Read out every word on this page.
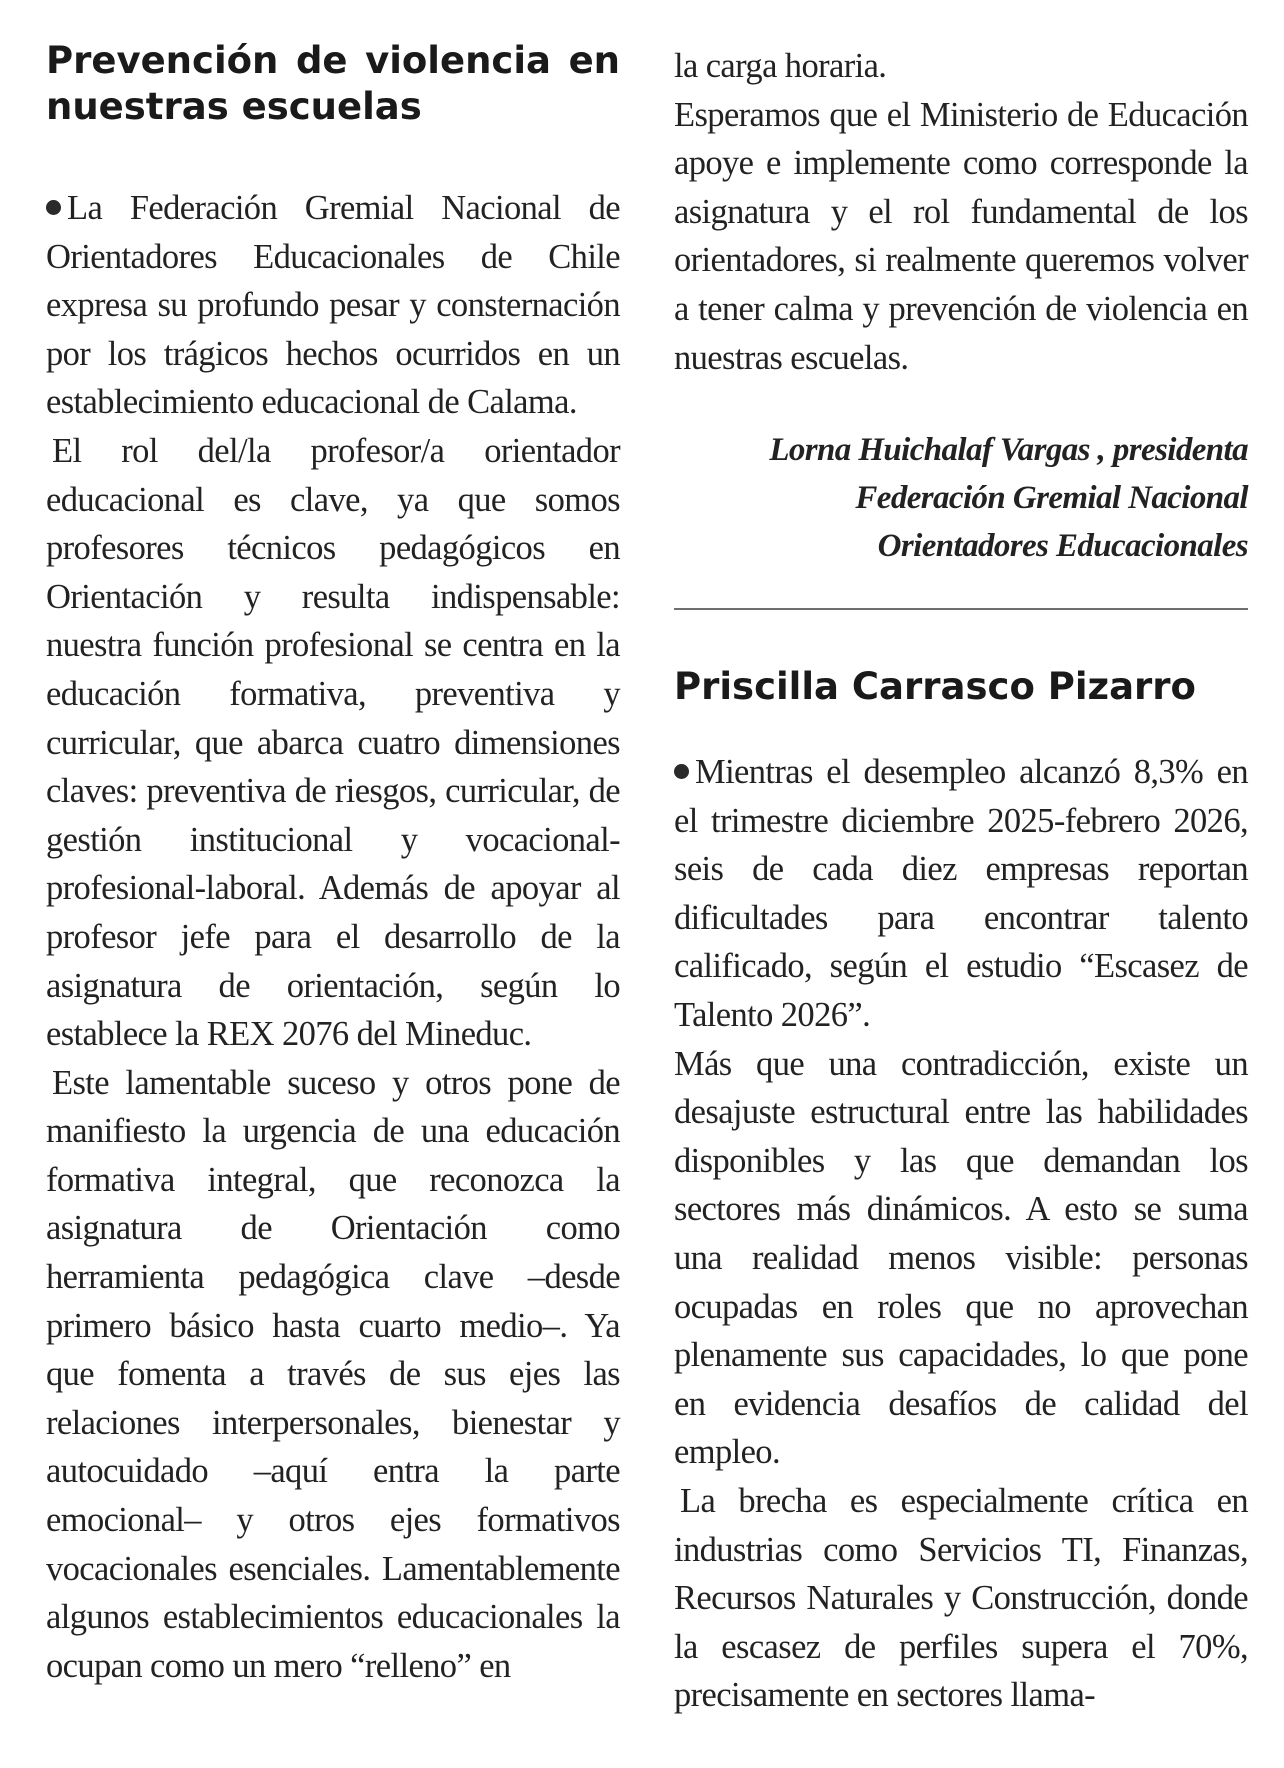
Prevención de violencia en nuestras escuelas

La Federación Gremial Nacional de Orientadores Educacionales de Chile expresa su profundo pesar y consternación por los trágicos hechos ocurridos en un establecimiento educacional de Calama.

El rol del/la profesor/a orientador educacional es clave, ya que somos profesores técnicos pedagógicos en Orientación y resulta indispensable: nuestra función profesional se centra en la educación formativa, preventiva y curricular, que abarca cuatro dimensiones claves: preventiva de riesgos, curricular, de gestión institucional y vocacional-profesional-laboral. Además de apoyar al profesor jefe para el desarrollo de la asignatura de orientación, según lo establece la REX 2076 del Mineduc.

Este lamentable suceso y otros pone de manifiesto la urgencia de una educación formativa integral, que reconozca la asignatura de Orientación como herramienta pedagógica clave –desde primero básico hasta cuarto medio–. Ya que fomenta a través de sus ejes las relaciones interpersonales, bienestar y autocuidado –aquí entra la parte emocional– y otros ejes formativos vocacionales esenciales. Lamentablemente algunos establecimientos educacionales la ocupan como un mero “relleno” en

la carga horaria.

Esperamos que el Ministerio de Educación apoye e implemente como corresponde la asignatura y el rol fundamental de los orientadores, si realmente queremos volver a tener calma y prevención de violencia en nuestras escuelas.

Lorna Huichalaf Vargas , presidenta
Federación Gremial Nacional
Orientadores Educacionales
Priscilla Carrasco Pizarro

Mientras el desempleo alcanzó 8,3% en el trimestre diciembre 2025-febrero 2026, seis de cada diez empresas reportan dificultades para encontrar talento calificado, según el estudio “Escasez de Talento 2026”.

Más que una contradicción, existe un desajuste estructural entre las habilidades disponibles y las que demandan los sectores más dinámicos. A esto se suma una realidad menos visible: personas ocupadas en roles que no aprovechan plenamente sus capacidades, lo que pone en evidencia desafíos de calidad del empleo.

La brecha es especialmente crítica en industrias como Servicios TI, Finanzas, Recursos Naturales y Construcción, donde la escasez de perfiles supera el 70%, precisamente en sectores llama-
